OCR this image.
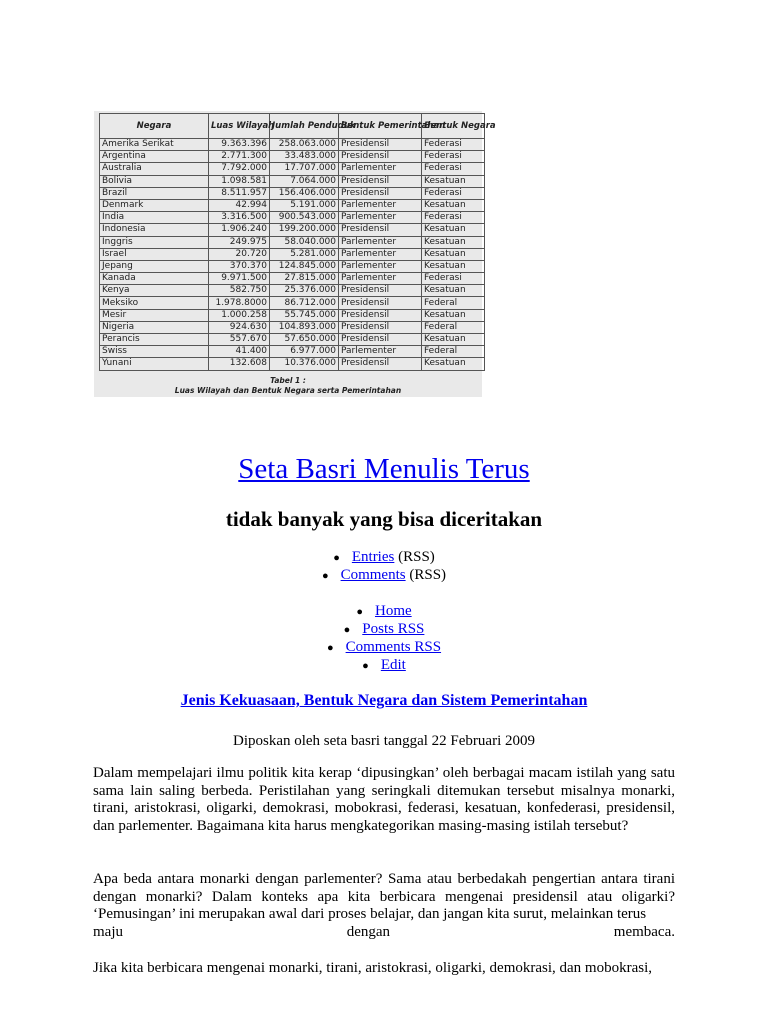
Negara	Luas Wilayah	Jumlah Penduduk	Bentuk Pemerintahan	Bentuk Negara
Amerika Serikat	9.363.396	258.063.000	Presidensil	Federasi
Argentina	2.771.300	33.483.000	Presidensil	Federasi
Australia	7.792.000	17.707.000	Parlementer	Federasi
Bolivia	1.098.581	7.064.000	Presidensil	Kesatuan
Brazil	8.511.957	156.406.000	Presidensil	Federasi
Denmark	42.994	5.191.000	Parlementer	Kesatuan
India	3.316.500	900.543.000	Parlementer	Federasi
Indonesia	1.906.240	199.200.000	Presidensil	Kesatuan
Inggris	249.975	58.040.000	Parlementer	Kesatuan
Israel	20.720	5.281.000	Parlementer	Kesatuan
Jepang	370.370	124.845.000	Parlementer	Kesatuan
Kanada	9.971.500	27.815.000	Parlementer	Federasi
Kenya	582.750	25.376.000	Presidensil	Kesatuan
Meksiko	1.978.8000	86.712.000	Presidensil	Federal
Mesir	1.000.258	55.745.000	Presidensil	Kesatuan
Nigeria	924.630	104.893.000	Presidensil	Federal
Perancis	557.670	57.650.000	Presidensil	Kesatuan
Swiss	41.400	6.977.000	Parlementer	Federal
Yunani	132.608	10.376.000	Presidensil	Kesatuan
Tabel 1 :
Luas Wilayah dan Bentuk Negara serta Pemerintahan
Seta Basri Menulis Terus
tidak banyak yang bisa diceritakan
● Entries (RSS)
● Comments (RSS)
● Home
● Posts RSS
● Comments RSS
● Edit
Jenis Kekuasaan, Bentuk Negara dan Sistem Pemerintahan
Diposkan oleh seta basri tanggal 22 Februari 2009
Dalam mempelajari ilmu politik kita kerap ‘dipusingkan’ oleh berbagai macam istilah yang satu sama lain saling berbeda. Peristilahan yang seringkali ditemukan tersebut misalnya monarki, tirani, aristokrasi, oligarki, demokrasi, mobokrasi, federasi, kesatuan, konfederasi, presidensil, dan parlementer. Bagaimana kita harus mengkategorikan masing-masing istilah tersebut?
Apa beda antara monarki dengan parlementer? Sama atau berbedakah pengertian antara tirani dengan monarki? Dalam konteks apa kita berbicara mengenai presidensil atau oligarki? ‘Pemusingan’ ini merupakan awal dari proses belajar, dan jangan kita surut, melainkan terus
maju dengan membaca.
Jika kita berbicara mengenai monarki, tirani, aristokrasi, oligarki, demokrasi, dan mobokrasi,
